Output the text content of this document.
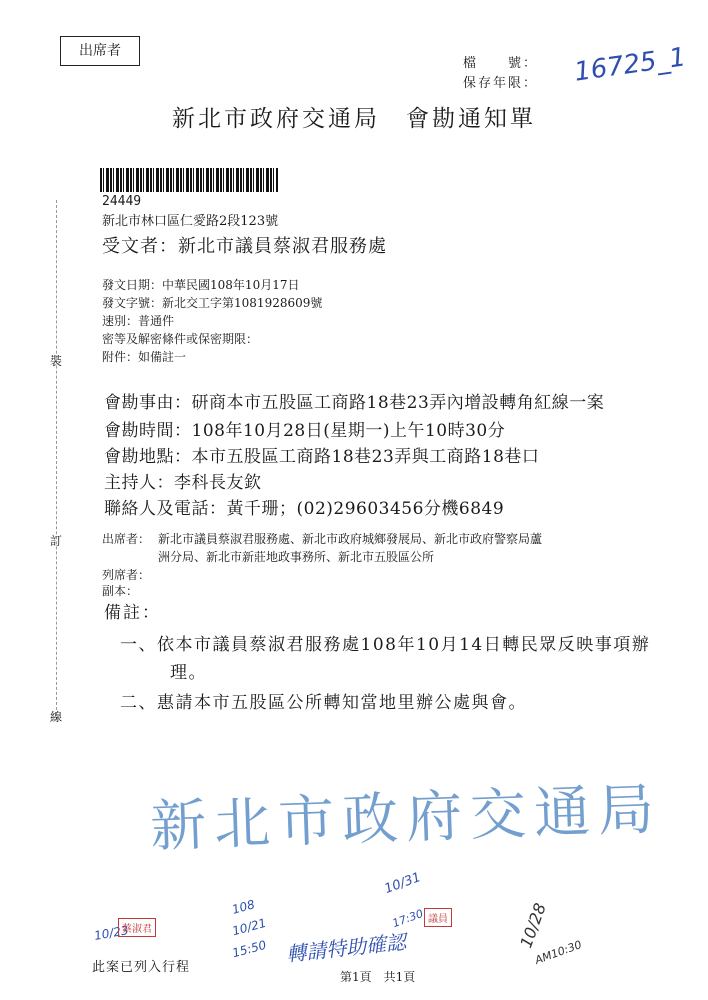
出席者
檔　　號：
保存年限： 16725_1
新北市政府交通局　會勘通知單
24449
新北市林口區仁愛路2段123號
受文者：新北市議員蔡淑君服務處
發文日期：中華民國108年10月17日
發文字號：新北交工字第1081928609號
速別：普通件
密等及解密條件或保密期限：
附件：如備註一
裝
訂
線
會勘事由：研商本市五股區工商路18巷23弄內增設轉角紅線一案
會勘時間：108年10月28日(星期一)上午10時30分
會勘地點：本市五股區工商路18巷23弄與工商路18巷口
主持人：李科長友欽
聯絡人及電話：黃千珊；(02)29603456分機6849
出席者： 新北市議員蔡淑君服務處、新北市政府城鄉發展局、新北市政府警察局蘆
洲分局、新北市新莊地政事務所、新北市五股區公所
列席者：
副本：
備註：
一、依本市議員蔡淑君服務處108年10月14日轉民眾反映事項辦
理。
二、惠請本市五股區公所轉知當地里辦公處與會。
新北市政府交通局
10/23
蔡淑君
108
10/21
15:50 轉請特助確認
10/31
17:30 議員	10/28
AM10:30
此案已列入行程
第1頁　共1頁
